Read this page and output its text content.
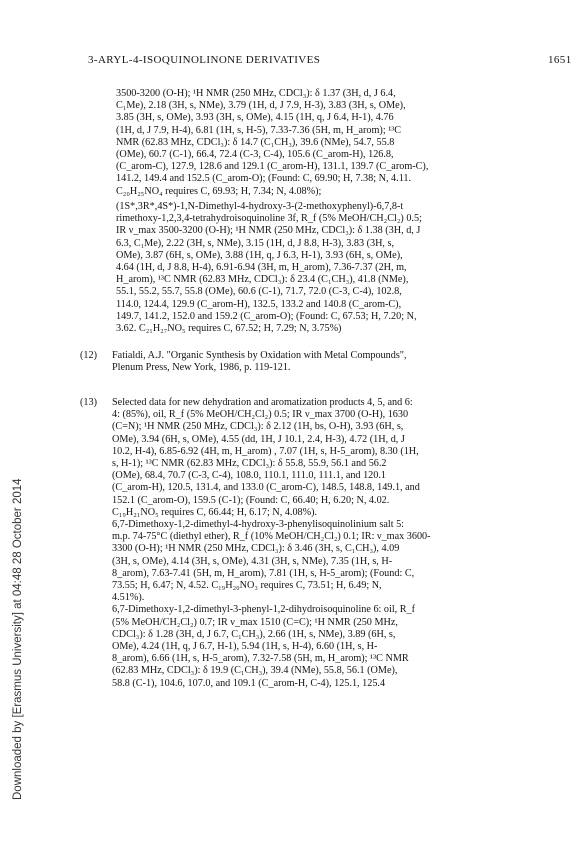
3-ARYL-4-ISOQUINOLINONE DERIVATIVES	1651
Downloaded by [Erasmus University] at 04:48 28 October 2014

3500-3200 (O-H); ¹H NMR (250 MHz, CDCl₃): δ 1.37 (3H, d, J 6.4,

C₁Me), 2.18 (3H, s, NMe), 3.79 (1H, d, J 7.9, H-3), 3.83 (3H, s, OMe),

3.85 (3H, s, OMe), 3.93 (3H, s, OMe), 4.15 (1H, q, J 6.4, H-1), 4.76

(1H, d, J 7.9, H-4), 6.81 (1H, s, H-5), 7.33-7.36 (5H, m, H_arom); ¹³C

NMR (62.83 MHz, CDCl₃): δ 14.7 (C₁CH₃), 39.6 (NMe), 54.7, 55.8

(OMe), 60.7 (C-1), 66.4, 72.4 (C-3, C-4), 105.6 (C_arom-H), 126.8,

(C_arom-C), 127.9, 128.6 and 129.1 (C_arom-H), 131.1, 139.7 (C_arom-C),

141.2, 149.4 and 152.5 (C_arom-O); (Found: C, 69.90; H, 7.38; N, 4.11.

C₂₀H₂₅NO₄ requires C, 69.93; H, 7.34; N, 4.08%);

(1S*,3R*,4S*)-1,N-Dimethyl-4-hydroxy-3-(2-methoxyphenyl)-6,7,8-t

rimethoxy-1,2,3,4-tetrahydroisoquinoline 3f, R_f (5% MeOH/CH₂Cl₂) 0.5;

IR ν_max 3500-3200 (O-H); ¹H NMR (250 MHz, CDCl₃): δ 1.38 (3H, d, J

6.3, C₁Me), 2.22 (3H, s, NMe), 3.15 (1H, d, J 8.8, H-3), 3.83 (3H, s,

OMe), 3.87 (6H, s, OMe), 3.88 (1H, q, J 6.3, H-1), 3.93 (6H, s, OMe),

4.64 (1H, d, J 8.8, H-4), 6.91-6.94 (3H, m, H_arom), 7.36-7.37 (2H, m,

H_arom), ¹³C NMR (62.83 MHz, CDCl₃): δ 23.4 (C₁CH₃), 41.8 (NMe),

55.1, 55.2, 55.7, 55.8 (OMe), 60.6 (C-1), 71.7, 72.0 (C-3, C-4), 102.8,

114.0, 124.4, 129.9 (C_arom-H), 132.5, 133.2 and 140.8 (C_arom-C),

149.7, 141.2, 152.0 and 159.2 (C_arom-O); (Found: C, 67.53; H, 7.20; N,

3.62. C₂₁H₂₇NO₅ requires C, 67.52; H, 7.29; N, 3.75%)

(12) Fatialdi, A.J. "Organic Synthesis by Oxidation with Metal Compounds",

Plenum Press, New York, 1986, p. 119-121.

(13) Selected data for new dehydration and aromatization products 4, 5, and 6:

4: (85%), oil, R_f (5% MeOH/CH₂Cl₂) 0.5; IR ν_max 3700 (O-H), 1630

(C=N); ¹H NMR (250 MHz, CDCl₃): δ 2.12 (1H, bs, O-H), 3.93 (6H, s,

OMe), 3.94 (6H, s, OMe), 4.55 (dd, 1H, J 10.1, 2.4, H-3), 4.72 (1H, d, J

10.2, H-4), 6.85-6.92 (4H, m, H_arom) , 7.07 (1H, s, H-5_arom), 8.30 (1H,

s, H-1); ¹³C NMR (62.83 MHz, CDCl₃): δ 55.8, 55.9, 56.1 and 56.2

(OMe), 68.4, 70.7 (C-3, C-4), 108.0, 110.1, 111.0, 111.1, and 120.1

(C_arom-H), 120.5, 131.4, and 133.0 (C_arom-C), 148.5, 148.8, 149.1, and

152.1 (C_arom-O), 159.5 (C-1); (Found: C, 66.40; H, 6.20; N, 4.02.

C₁₉H₂₁NO₅ requires C, 66.44; H, 6.17; N, 4.08%).

6,7-Dimethoxy-1,2-dimethyl-4-hydroxy-3-phenylisoquinolinium salt 5:

m.p. 74-75°C (diethyl ether), R_f (10% MeOH/CH₂Cl₂) 0.1; IR: ν_max 3600-

3300 (O-H); ¹H NMR (250 MHz, CDCl₃): δ 3.46 (3H, s, C₁CH₃), 4.09

(3H, s, OMe), 4.14 (3H, s, OMe), 4.31 (3H, s, NMe), 7.35 (1H, s, H-

8_arom), 7.63-7.41 (5H, m, H_arom), 7.81 (1H, s, H-5_arom); (Found: C,

73.55; H, 6.47; N, 4.52. C₁₉H₂₀NO₃ requires C, 73.51; H, 6.49; N,

4.51%).

6,7-Dimethoxy-1,2-dimethyl-3-phenyl-1,2-dihydroisoquinoline 6: oil, R_f

(5% MeOH/CH₂Cl₂) 0.7; IR ν_max 1510 (C=C); ¹H NMR (250 MHz,

CDCl₃): δ 1.28 (3H, d, J 6.7, C₁CH₃), 2.66 (1H, s, NMe), 3.89 (6H, s,

OMe), 4.24 (1H, q, J 6.7, H-1), 5.94 (1H, s, H-4), 6.60 (1H, s, H-

8_arom), 6.66 (1H, s, H-5_arom), 7.32-7.58 (5H, m, H_arom); ¹³C NMR

(62.83 MHz, CDCl₃): δ 19.9 (C₁CH₃), 39.4 (NMe), 55.8, 56.1 (OMe),

58.8 (C-1), 104.6, 107.0, and 109.1 (C_arom-H, C-4), 125.1, 125.4
